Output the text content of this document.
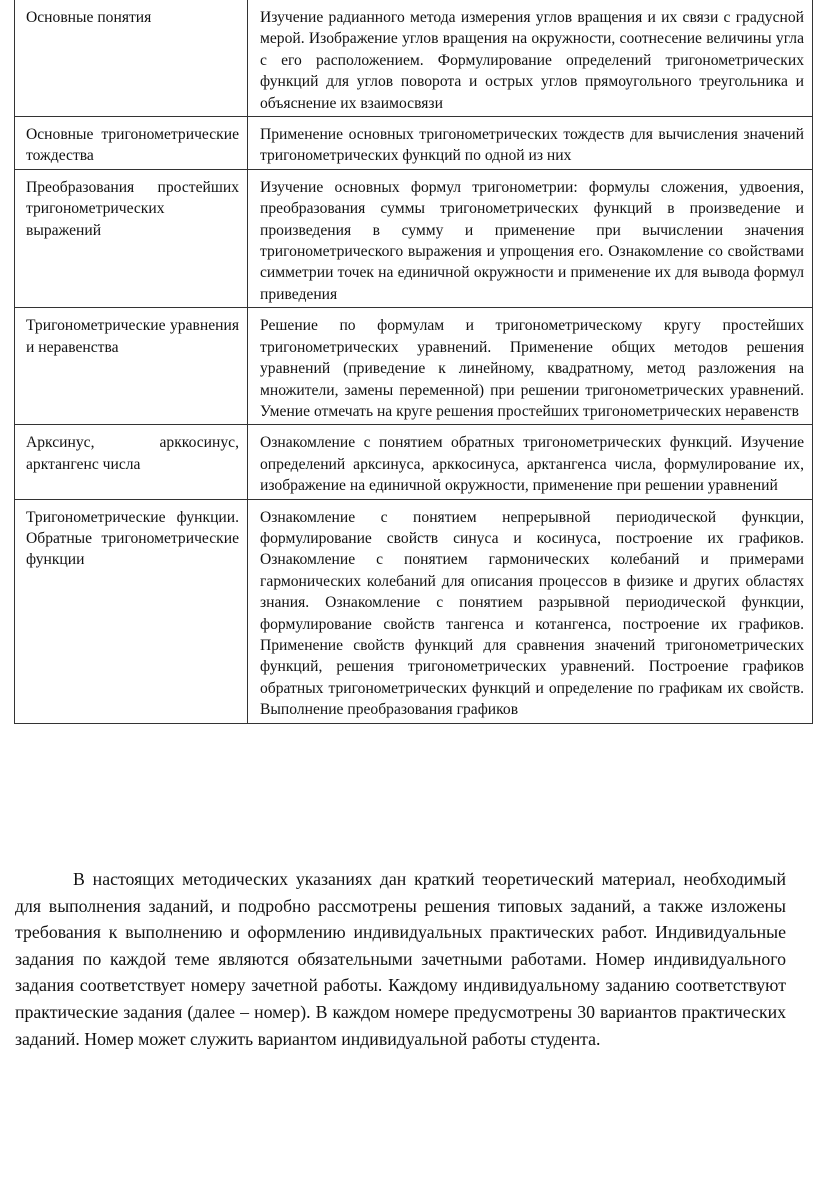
Основные понятия	Изучение радианного метода измерения углов вращения и их связи с градусной мерой. Изображение углов вращения на окружности, соотнесение величины угла с его расположением. Формулирование определений тригонометрических функций для углов поворота и острых углов прямоугольного треугольника и объяснение их взаимосвязи
Основные тригонометрические тождества	Применение основных тригонометрических тождеств для вычисления значений тригонометрических функций по одной из них
Преобразования простейших тригонометрических выражений	Изучение основных формул тригонометрии: формулы сложения, удвоения, преобразования суммы тригонометрических функций в произведение и произведения в сумму и применение при вычислении значения тригонометрического выражения и упрощения его. Ознакомление со свойствами симметрии точек на единичной окружности и применение их для вывода формул приведения
Тригонометрические уравнения и неравенства	Решение по формулам и тригонометрическому кругу простейших тригонометрических уравнений. Применение общих методов решения уравнений (приведение к линейному, квадратному, метод разложения на множители, замены переменной) при решении тригонометрических уравнений. Умение отмечать на круге решения простейших тригонометрических неравенств
Арксинус, арккосинус, арктангенс числа	Ознакомление с понятием обратных тригонометрических функций. Изучение определений арксинуса, арккосинуса, арктангенса числа, формулирование их, изображение на единичной окружности, применение при решении уравнений
Тригонометрические функции. Обратные тригонометрические функции	Ознакомление с понятием непрерывной периодической функции, формулирование свойств синуса и косинуса, построение их графиков. Ознакомление с понятием гармонических колебаний и примерами гармонических колебаний для описания процессов в физике и других областях знания. Ознакомление с понятием разрывной периодической функции, формулирование свойств тангенса и котангенса, построение их графиков. Применение свойств функций для сравнения значений тригонометрических функций, решения тригонометрических уравнений. Построение графиков обратных тригонометрических функций и определение по графикам их свойств. Выполнение преобразования графиков

В настоящих методических указаниях дан краткий теоретический материал, необходимый для выполнения заданий, и подробно рассмотрены решения типовых заданий, а также изложены требования к выполнению и оформлению индивидуальных практических работ. Индивидуальные задания по каждой теме являются обязательными зачетными работами. Номер индивидуального задания соответствует номеру зачетной работы. Каждому индивидуальному заданию соответствуют практические задания (далее – номер). В каждом номере предусмотрены 30 вариантов практических заданий. Номер может служить вариантом индивидуальной работы студента.
